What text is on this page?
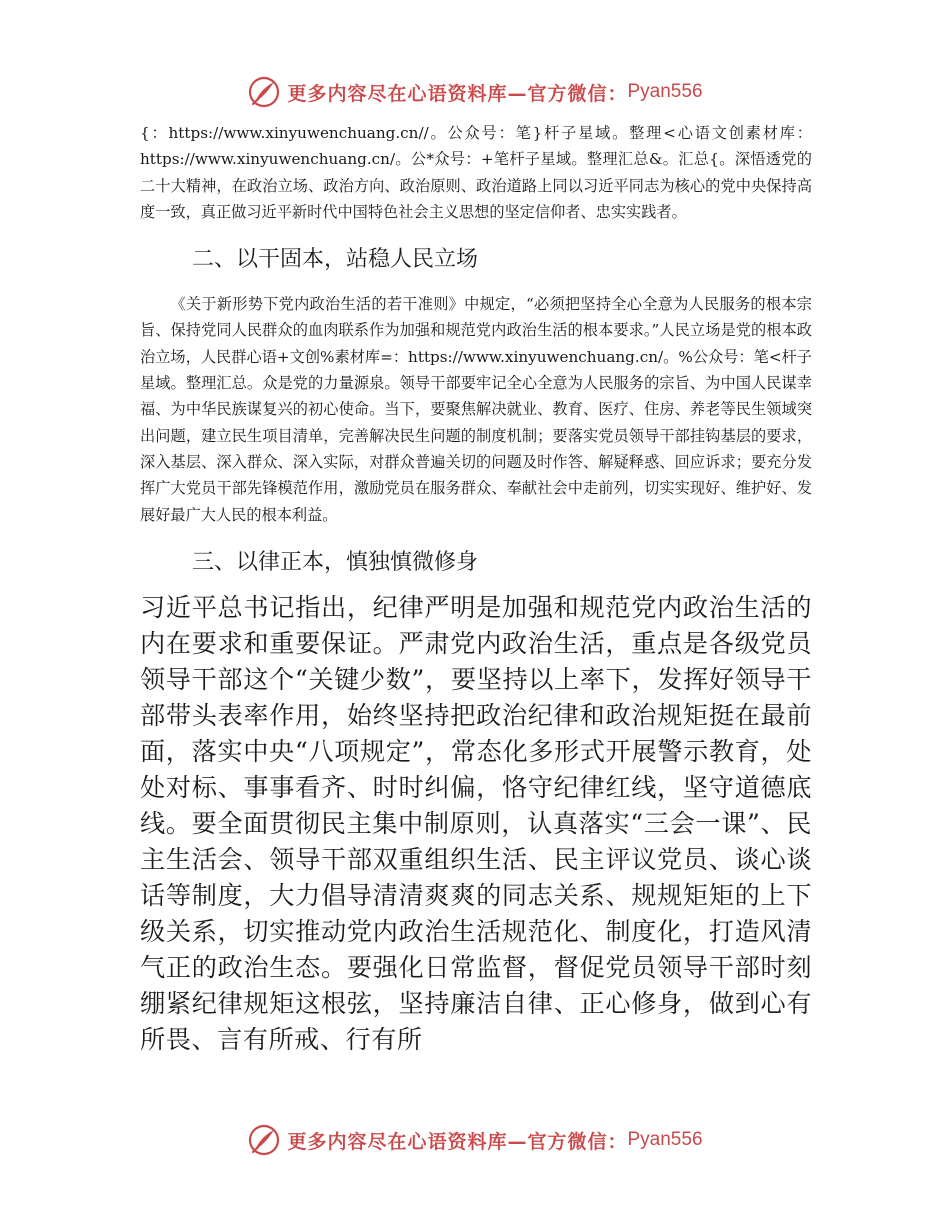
更多内容尽在心语资料库—官方微信： Pyan556

{：https://www.xinyuwenchuang.cn//。公众号：笔}杆子星域。整理<心语文创素材库：https://www.xinyuwenchuang.cn/。公*众号：+笔杆子星域。整理汇总&。汇总{。深悟透党的二十大精神，在政治立场、政治方向、政治原则、政治道路上同以习近平同志为核心的党中央保持高度一致，真正做习近平新时代中国特色社会主义思想的坚定信仰者、忠实实践者。

二、以干固本，站稳人民立场

《关于新形势下党内政治生活的若干准则》中规定，“必须把坚持全心全意为人民服务的根本宗旨、保持党同人民群众的血肉联系作为加强和规范党内政治生活的根本要求。”人民立场是党的根本政治立场，人民群心语+文创%素材库=：https://www.xinyuwenchuang.cn/。%公众号：笔<杆子星域。整理汇总。众是党的力量源泉。领导干部要牢记全心全意为人民服务的宗旨、为中国人民谋幸福、为中华民族谋复兴的初心使命。当下，要聚焦解决就业、教育、医疗、住房、养老等民生领域突出问题，建立民生项目清单，完善解决民生问题的制度机制；要落实党员领导干部挂钩基层的要求，深入基层、深入群众、深入实际，对群众普遍关切的问题及时作答、解疑释惑、回应诉求；要充分发挥广大党员干部先锋模范作用，激励党员在服务群众、奉献社会中走前列，切实实现好、维护好、发展好最广大人民的根本利益。

三、以律正本，慎独慎微修身

习近平总书记指出，纪律严明是加强和规范党内政治生活的内在要求和重要保证。严肃党内政治生活，重点是各级党员领导干部这个“关键少数”，要坚持以上率下，发挥好领导干部带头表率作用，始终坚持把政治纪律和政治规矩挺在最前面，落实中央“八项规定”，常态化多形式开展警示教育，处处对标、事事看齐、时时纠偏，恪守纪律红线，坚守道德底线。要全面贯彻民主集中制原则，认真落实“三会一课”、民主生活会、领导干部双重组织生活、民主评议党员、谈心谈话等制度，大力倡导清清爽爽的同志关系、规规矩矩的上下级关系，切实推动党内政治生活规范化、制度化，打造风清气正的政治生态。要强化日常监督，督促党员领导干部时刻绷紧纪律规矩这根弦，坚持廉洁自律、正心修身，做到心有所畏、言有所戒、行有所

更多内容尽在心语资料库—官方微信： Pyan556
